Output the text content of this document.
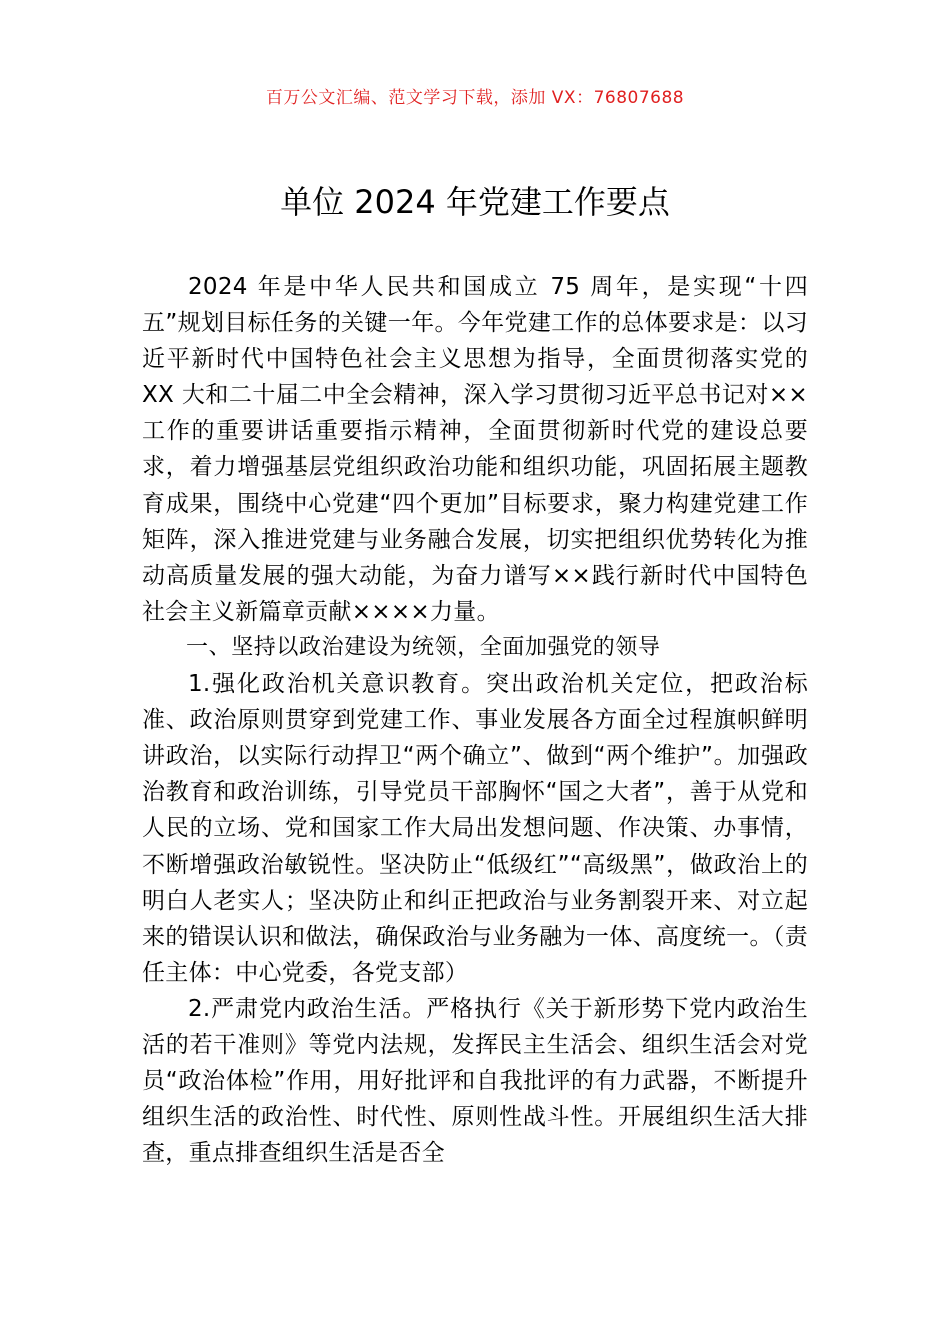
百万公文汇编、范文学习下载，添加 VX：76807688
单位 2024 年党建工作要点

2024 年是中华人民共和国成立 75 周年，是实现“十四五”规划目标任务的关键一年。今年党建工作的总体要求是：以习近平新时代中国特色社会主义思想为指导，全面贯彻落实党的 XX 大和二十届二中全会精神，深入学习贯彻习近平总书记对××工作的重要讲话重要指示精神，全面贯彻新时代党的建设总要求，着力增强基层党组织政治功能和组织功能，巩固拓展主题教育成果，围绕中心党建“四个更加”目标要求，聚力构建党建工作矩阵，深入推进党建与业务融合发展，切实把组织优势转化为推动高质量发展的强大动能，为奋力谱写××践行新时代中国特色社会主义新篇章贡献××××力量。

一、坚持以政治建设为统领，全面加强党的领导

1.强化政治机关意识教育。突出政治机关定位，把政治标准、政治原则贯穿到党建工作、事业发展各方面全过程旗帜鲜明讲政治，以实际行动捍卫“两个确立”、做到“两个维护”。加强政治教育和政治训练，引导党员干部胸怀“国之大者”，善于从党和人民的立场、党和国家工作大局出发想问题、作决策、办事情，不断增强政治敏锐性。坚决防止“低级红”“高级黑”，做政治上的明白人老实人；坚决防止和纠正把政治与业务割裂开来、对立起来的错误认识和做法，确保政治与业务融为一体、高度统一。（责任主体：中心党委，各党支部）

2.严肃党内政治生活。严格执行《关于新形势下党内政治生活的若干准则》等党内法规，发挥民主生活会、组织生活会对党员“政治体检”作用，用好批评和自我批评的有力武器，不断提升组织生活的政治性、时代性、原则性战斗性。开展组织生活大排查，重点排查组织生活是否全
